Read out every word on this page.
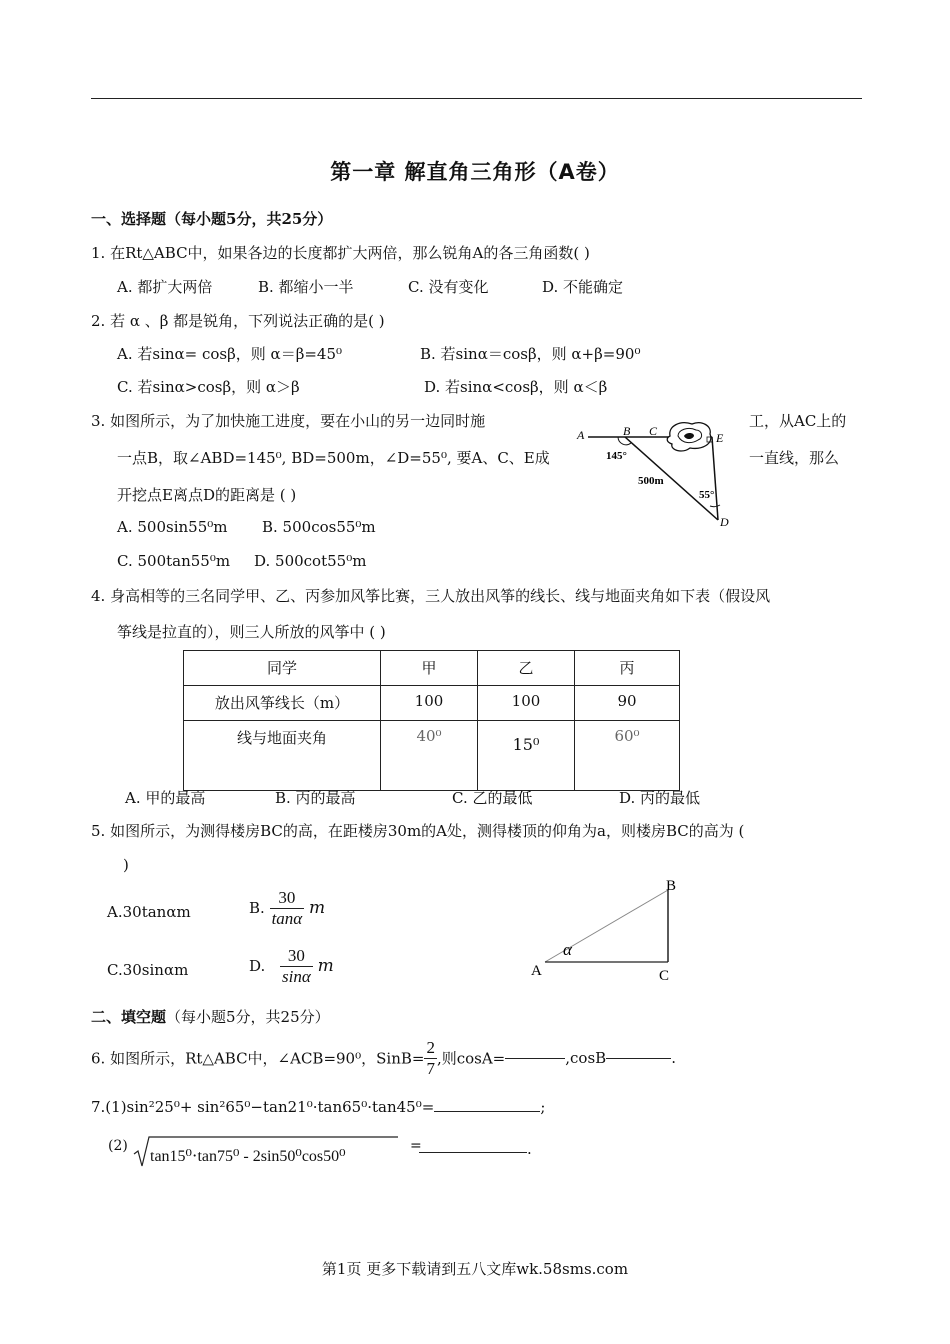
第一章 解直角三角形（A卷）
一、选择题（每小题5分，共25分）
1. 在Rt△ABC中，如果各边的长度都扩大两倍，那么锐角A的各三角函数( )
A. 都扩大两倍	B. 都缩小一半	C. 没有变化	D. 不能确定
2. 若 α 、β 都是锐角，下列说法正确的是( )
A. 若sinα= cosβ，则 α＝β=45⁰	B. 若sinα＝cosβ，则 α+β=90⁰
C. 若sinα>cosβ，则 α＞β	D. 若sinα<cosβ，则 α＜β
3. 如图所示，为了加快施工进度，要在小山的另一边同时施	工，从AC上的
一点B，取∠ABD=145⁰, BD=500m，∠D=55⁰, 要A、C、E成	一直线，那么
开挖点E离点D的距离是 ( )
A. 500sin55⁰m B. 500cos55⁰m
C. 500tan55⁰m D. 500cot55⁰m
A	B C	E
D
145°
500m
55°
4. 身高相等的三名同学甲、乙、丙参加风筝比赛，三人放出风筝的线长、线与地面夹角如下表（假设风
筝线是拉直的），则三人所放的风筝中 ( )
同学	甲	乙	丙
放出风筝线长（m）	100	100	90
线与地面夹角	40⁰	15⁰	60⁰
A. 甲的最高	B. 丙的最高	C. 乙的最低	D. 丙的最低
5. 如图所示，为测得楼房BC的高，在距楼房30m的A处，测得楼顶的仰角为a，则楼房BC的高为 (
)
A.30tanαm	B. $\frac{30}{\tan\alpha}$ m
C.30sinαm	D. $\frac{30}{\sin\alpha}$ m
B
A	C
α
二、填空题（每小题5分，共25分）
6. 如图所示，Rt△ABC中，∠ACB=90⁰，SinB= $\frac{2}{7}$ ,则cosA=	,cosB	.
7.(1)sin²25⁰+ sin²65⁰−tan21⁰·tan65⁰·tan45⁰=	;
(2)
tan15⁰⋅tan75⁰ - 2sin50⁰cos50⁰
=	.
第1页 更多下载请到五八文库wk.58sms.com
